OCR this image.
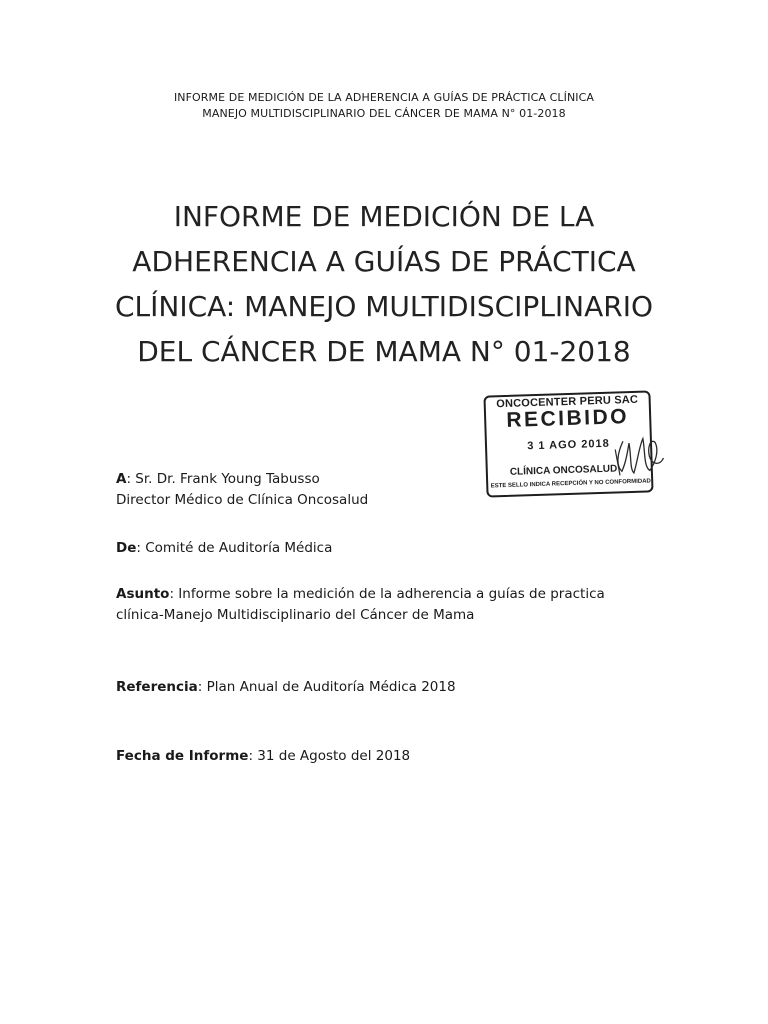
INFORME DE MEDICIÓN DE LA ADHERENCIA A GUÍAS DE PRÁCTICA CLÍNICA
MANEJO MULTIDISCIPLINARIO DEL CÁNCER DE MAMA N° 01-2018
INFORME DE MEDICIÓN DE LA
ADHERENCIA A GUÍAS DE PRÁCTICA
CLÍNICA: MANEJO MULTIDISCIPLINARIO
DEL CÁNCER DE MAMA N° 01-2018
ONCOCENTER PERU SAC
RECIBIDO
3 1 AGO 2018
CLÍNICA ONCOSALUD
ESTE SELLO INDICA RECEPCIÓN Y NO CONFORMIDAD
A: Sr. Dr. Frank Young Tabusso
Director Médico de Clínica Oncosalud
De: Comité de Auditoría Médica
Asunto: Informe sobre la medición de la adherencia a guías de practica
clínica-Manejo Multidisciplinario del Cáncer de Mama
Referencia: Plan Anual de Auditoría Médica 2018
Fecha de Informe: 31 de Agosto del 2018
